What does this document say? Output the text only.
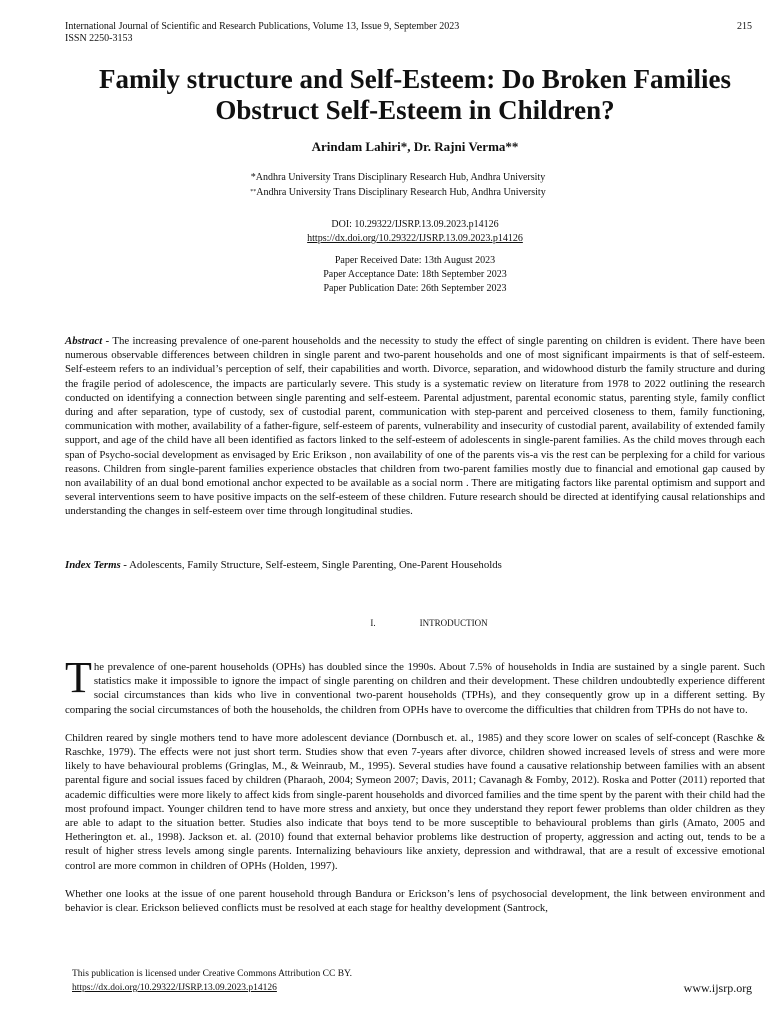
International Journal of Scientific and Research Publications, Volume 13, Issue 9, September 2023
ISSN 2250-3153
215
Family structure and Self-Esteem: Do Broken Families
Obstruct Self-Esteem in Children?
Arindam Lahiri*, Dr. Rajni Verma**
*Andhra University Trans Disciplinary Research Hub, Andhra University
**Andhra University Trans Disciplinary Research Hub, Andhra University
DOI: 10.29322/IJSRP.13.09.2023.p14126
https://dx.doi.org/10.29322/IJSRP.13.09.2023.p14126
Paper Received Date: 13th August 2023
Paper Acceptance Date: 18th September 2023
Paper Publication Date: 26th September 2023
Abstract - The increasing prevalence of one-parent households and the necessity to study the effect of single parenting on children is evident. There have been numerous observable differences between children in single parent and two-parent households and one of most significant impairments is that of self-esteem. Self-esteem refers to an individual’s perception of self, their capabilities and worth. Divorce, separation, and widowhood disturb the family structure and during the fragile period of adolescence, the impacts are particularly severe. This study is a systematic review on literature from 1978 to 2022 outlining the research conducted on identifying a connection between single parenting and self-esteem. Parental adjustment, parental economic status, parenting style, family conflict during and after separation, type of custody, sex of custodial parent, communication with step-parent and perceived closeness to them, family functioning, communication with mother, availability of a father-figure, self-esteem of parents, vulnerability and insecurity of custodial parent, availability of extended family support, and age of the child have all been identified as factors linked to the self-esteem of adolescents in single-parent families. As the child moves through each span of Psycho-social development as envisaged by Eric Erikson , non availability of one of the parents vis-a vis the rest can be perplexing for a child for various reasons. Children from single-parent families experience obstacles that children from two-parent families mostly due to financial and emotional gap caused by non availability of an dual bond emotional anchor expected to be available as a social norm . There are mitigating factors like parental optimism and support and several interventions seem to have positive impacts on the self-esteem of these children. Future research should be directed at identifying causal relationships and understanding the changes in self-esteem over time through longitudinal studies.
Index Terms - Adolescents, Family Structure, Self-esteem, Single Parenting, One-Parent Households
I.	INTRODUCTION

The prevalence of one-parent households (OPHs) has doubled since the 1990s. About 7.5% of households in India are sustained by a single parent. Such statistics make it impossible to ignore the impact of single parenting on children and their development. These children undoubtedly experience different social circumstances than kids who live in conventional two-parent households (TPHs), and they consequently grow up in a different setting. By comparing the social circumstances of both the households, the children from OPHs have to overcome the difficulties that children from TPHs do not have to.

Children reared by single mothers tend to have more adolescent deviance (Dornbusch et. al., 1985) and they score lower on scales of self-concept (Raschke & Raschke, 1979). The effects were not just short term. Studies show that even 7-years after divorce, children showed increased levels of stress and were more likely to have behavioural problems (Gringlas, M., & Weinraub, M., 1995). Several studies have found a causative relationship between families with an absent parental figure and social issues faced by children (Pharaoh, 2004; Symeon 2007; Davis, 2011; Cavanagh & Fomby, 2012). Roska and Potter (2011) reported that academic difficulties were more likely to affect kids from single-parent households and divorced families and the time spent by the parent with their child had the most profound impact. Younger children tend to have more stress and anxiety, but once they understand they report fewer problems than older children as they are able to adapt to the situation better. Studies also indicate that boys tend to be more susceptible to behavioural problems than girls (Amato, 2005 and Hetherington et. al., 1998). Jackson et. al. (2010) found that external behavior problems like destruction of property, aggression and acting out, tends to be a result of higher stress levels among single parents. Internalizing behaviours like anxiety, depression and withdrawal, that are a result of excessive emotional control are more common in children of OPHs (Holden, 1997).

Whether one looks at the issue of one parent household through Bandura or Erickson’s lens of psychosocial development, the link between environment and behavior is clear. Erickson believed conflicts must be resolved at each stage for healthy development (Santrock,

This publication is licensed under Creative Commons Attribution CC BY.
https://dx.doi.org/10.29322/IJSRP.13.09.2023.p14126	www.ijsrp.org
